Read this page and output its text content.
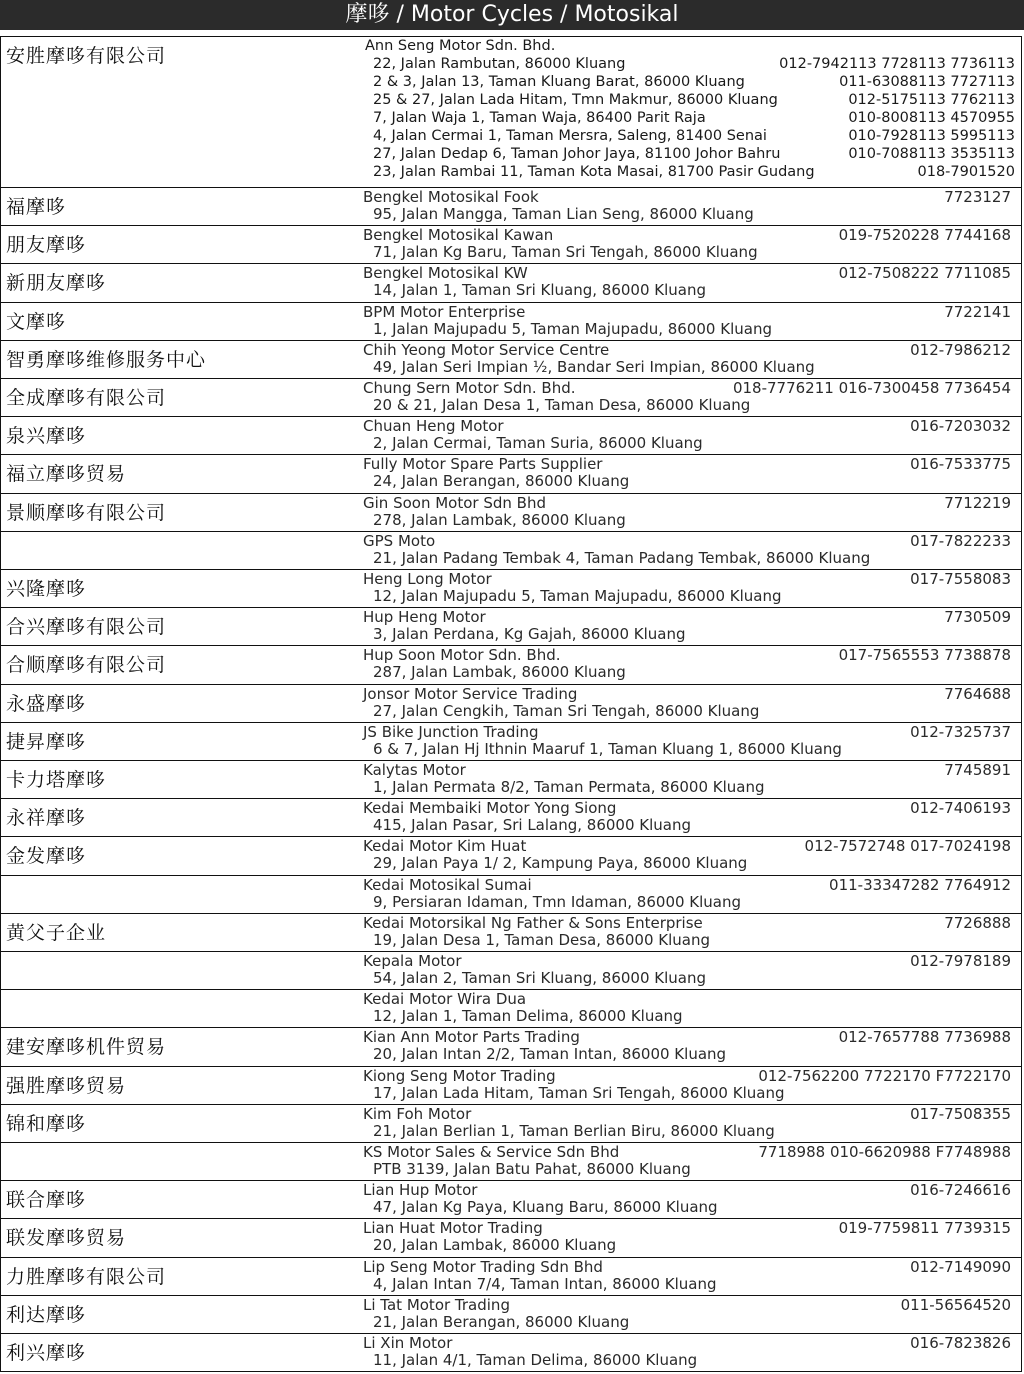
摩哆 / Motor Cycles / Motosikal
安胜摩哆有限公司	Ann Seng Motor Sdn. Bhd.
22, Jalan Rambutan, 86000 Kluang	012-7942113 7728113 7736113
2 & 3, Jalan 13, Taman Kluang Barat, 86000 Kluang	011-63088113 7727113
25 & 27, Jalan Lada Hitam, Tmn Makmur, 86000 Kluang	012-5175113 7762113
7, Jalan Waja 1, Taman Waja, 86400 Parit Raja	010-8008113 4570955
4, Jalan Cermai 1, Taman Mersra, Saleng, 81400 Senai	010-7928113 5995113
27, Jalan Dedap 6, Taman Johor Jaya, 81100 Johor Bahru	010-7088113 3535113
23, Jalan Rambai 11, Taman Kota Masai, 81700 Pasir Gudang	018-7901520
福摩哆	Bengkel Motosikal Fook	7723127
95, Jalan Mangga, Taman Lian Seng, 86000 Kluang
朋友摩哆	Bengkel Motosikal Kawan	019-7520228 7744168
71, Jalan Kg Baru, Taman Sri Tengah, 86000 Kluang
新朋友摩哆	Bengkel Motosikal KW	012-7508222 7711085
14, Jalan 1, Taman Sri Kluang, 86000 Kluang
文摩哆	BPM Motor Enterprise	7722141
1, Jalan Majupadu 5, Taman Majupadu, 86000 Kluang
智勇摩哆维修服务中心	Chih Yeong Motor Service Centre	012-7986212
49, Jalan Seri Impian ½, Bandar Seri Impian, 86000 Kluang
全成摩哆有限公司	Chung Sern Motor Sdn. Bhd.	018-7776211 016-7300458 7736454
20 & 21, Jalan Desa 1, Taman Desa, 86000 Kluang
泉兴摩哆	Chuan Heng Motor	016-7203032
2, Jalan Cermai, Taman Suria, 86000 Kluang
福立摩哆贸易	Fully Motor Spare Parts Supplier	016-7533775
24, Jalan Berangan, 86000 Kluang
景顺摩哆有限公司	Gin Soon Motor Sdn Bhd	7712219
278, Jalan Lambak, 86000 Kluang
GPS Moto	017-7822233
21, Jalan Padang Tembak 4, Taman Padang Tembak, 86000 Kluang
兴隆摩哆	Heng Long Motor	017-7558083
12, Jalan Majupadu 5, Taman Majupadu, 86000 Kluang
合兴摩哆有限公司	Hup Heng Motor	7730509
3, Jalan Perdana, Kg Gajah, 86000 Kluang
合顺摩哆有限公司	Hup Soon Motor Sdn. Bhd.	017-7565553 7738878
287, Jalan Lambak, 86000 Kluang
永盛摩哆	Jonsor Motor Service Trading	7764688
27, Jalan Cengkih, Taman Sri Tengah, 86000 Kluang
捷昇摩哆	JS Bike Junction Trading	012-7325737
6 & 7, Jalan Hj Ithnin Maaruf 1, Taman Kluang 1, 86000 Kluang
卡力塔摩哆	Kalytas Motor	7745891
1, Jalan Permata 8/2, Taman Permata, 86000 Kluang
永祥摩哆	Kedai Membaiki Motor Yong Siong	012-7406193
415, Jalan Pasar, Sri Lalang, 86000 Kluang
金发摩哆	Kedai Motor Kim Huat	012-7572748 017-7024198
29, Jalan Paya 1/ 2, Kampung Paya, 86000 Kluang
Kedai Motosikal Sumai	011-33347282 7764912
9, Persiaran Idaman, Tmn Idaman, 86000 Kluang
黄父子企业	Kedai Motorsikal Ng Father & Sons Enterprise	7726888
19, Jalan Desa 1, Taman Desa, 86000 Kluang
Kepala Motor	012-7978189
54, Jalan 2, Taman Sri Kluang, 86000 Kluang
Kedai Motor Wira Dua
12, Jalan 1, Taman Delima, 86000 Kluang
建安摩哆机件贸易	Kian Ann Motor Parts Trading	012-7657788 7736988
20, Jalan Intan 2/2, Taman Intan, 86000 Kluang
强胜摩哆贸易	Kiong Seng Motor Trading	012-7562200 7722170 F7722170
17, Jalan Lada Hitam, Taman Sri Tengah, 86000 Kluang
锦和摩哆	Kim Foh Motor	017-7508355
21, Jalan Berlian 1, Taman Berlian Biru, 86000 Kluang
KS Motor Sales & Service Sdn Bhd	7718988 010-6620988 F7748988
PTB 3139, Jalan Batu Pahat, 86000 Kluang
联合摩哆	Lian Hup Motor	016-7246616
47, Jalan Kg Paya, Kluang Baru, 86000 Kluang
联发摩哆贸易	Lian Huat Motor Trading	019-7759811 7739315
20, Jalan Lambak, 86000 Kluang
力胜摩哆有限公司	Lip Seng Motor Trading Sdn Bhd	012-7149090
4, Jalan Intan 7/4, Taman Intan, 86000 Kluang
利达摩哆	Li Tat Motor Trading	011-56564520
21, Jalan Berangan, 86000 Kluang
利兴摩哆	Li Xin Motor	016-7823826
11, Jalan 4/1, Taman Delima, 86000 Kluang
